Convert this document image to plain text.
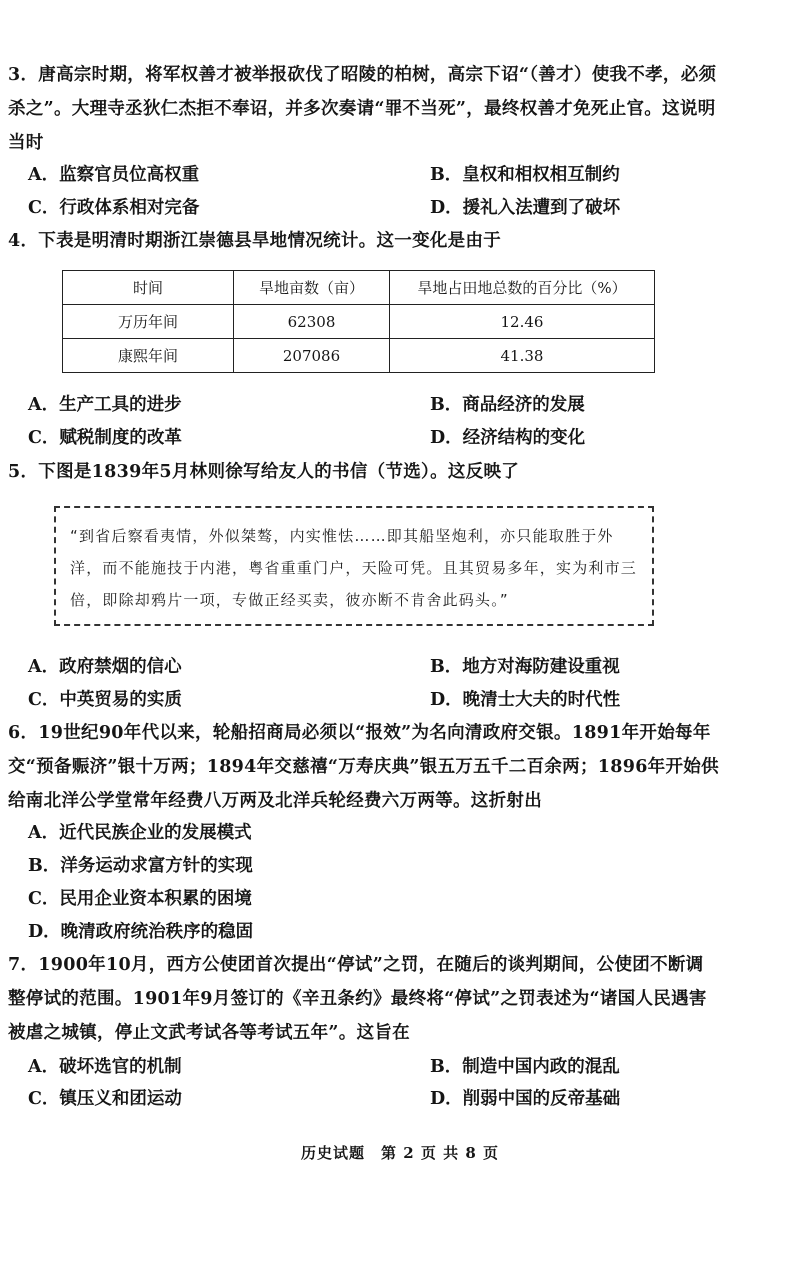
3．唐高宗时期，将军权善才被举报砍伐了昭陵的柏树，高宗下诏“（善才）使我不孝，必须杀之”。大理寺丞狄仁杰拒不奉诏，并多次奏请“罪不当死”，最终权善才免死止官。这说明当时
A．监察官员位高权重	B．皇权和相权相互制约
C．行政体系相对完备	D．援礼入法遭到了破坏
4．下表是明清时期浙江崇德县旱地情况统计。这一变化是由于
时间	旱地亩数（亩）	旱地占田地总数的百分比（%）
万历年间	62308	12.46
康熙年间	207086	41.38
A．生产工具的进步	B．商品经济的发展
C．赋税制度的改革	D．经济结构的变化
5．下图是1839年5月林则徐写给友人的书信（节选）。这反映了
“到省后察看夷情，外似桀骜，内实惟怯……即其船坚炮利，亦只能取胜于外洋，而不能施技于内港，粤省重重门户，天险可凭。且其贸易多年，实为利市三倍，即除却鸦片一项，专做正经买卖，彼亦断不肯舍此码头。”
A．政府禁烟的信心	B．地方对海防建设重视
C．中英贸易的实质	D．晚清士大夫的时代性
6．19世纪90年代以来，轮船招商局必须以“报效”为名向清政府交银。1891年开始每年交“预备赈济”银十万两；1894年交慈禧“万寿庆典”银五万五千二百余两；1896年开始供给南北洋公学堂常年经费八万两及北洋兵轮经费六万两等。这折射出
A．近代民族企业的发展模式
B．洋务运动求富方针的实现
C．民用企业资本积累的困境
D．晚清政府统治秩序的稳固
7．1900年10月，西方公使团首次提出“停试”之罚，在随后的谈判期间，公使团不断调整停试的范围。1901年9月签订的《辛丑条约》最终将“停试”之罚表述为“诸国人民遇害被虐之城镇，停止文武考试各等考试五年”。这旨在
A．破坏选官的机制	B．制造中国内政的混乱
C．镇压义和团运动	D．削弱中国的反帝基础
历史试题　第 2 页 共 8 页
